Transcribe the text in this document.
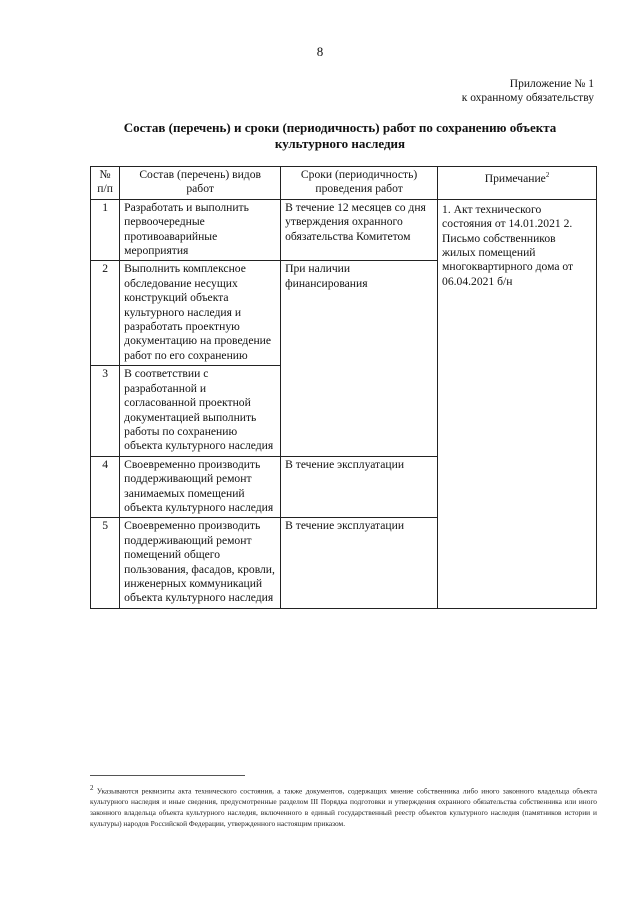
8
Приложение № 1
к охранному обязательству
Состав (перечень) и сроки (периодичность) работ по сохранению объекта культурного наследия
№ п/п	Состав (перечень) видов работ	Сроки (периодичность) проведения работ	Примечание$^2$
1	Разработать и выполнить первоочередные противоаварийные мероприятия	В течение 12 месяцев со дня утверждения охранного обязательства Комитетом	1. Акт технического состояния от 14.01.2021 2. Письмо собственников жилых помещений многоквартирного дома от 06.04.2021 б/н
2	Выполнить комплексное обследование несущих конструкций объекта культурного наследия и разработать проектную документацию на проведение работ по его сохранению	При наличии финансирования	
3	В соответствии с разработанной и согласованной проектной документацией выполнить работы по сохранению объекта культурного наследия		
4	Своевременно производить поддерживающий ремонт занимаемых помещений объекта культурного наследия	В течение эксплуатации	
5	Своевременно производить поддерживающий ремонт помещений общего пользования, фасадов, кровли, инженерных коммуникаций объекта культурного наследия	В течение эксплуатации	
$^2$ Указываются реквизиты акта технического состояния, а также документов, содержащих мнение собственника либо иного законного владельца объекта культурного наследия и иные сведения, предусмотренные разделом III Порядка подготовки и утверждения охранного обязательства собственника или иного законного владельца объекта культурного наследия, включенного в единый государственный реестр объектов культурного наследия (памятников истории и культуры) народов Российской Федерации, утвержденного настоящим приказом.
